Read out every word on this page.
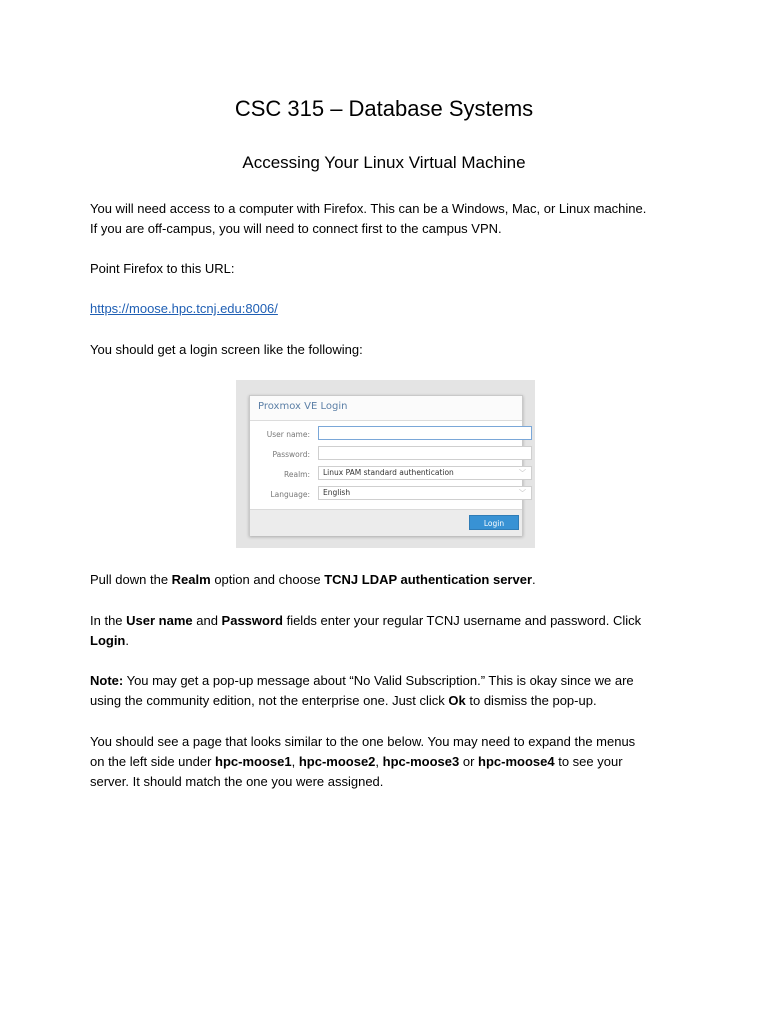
CSC 315 – Database Systems
Accessing Your Linux Virtual Machine
You will need access to a computer with Firefox. This can be a Windows, Mac, or Linux machine.
If you are off-campus, you will need to connect first to the campus VPN.
Point Firefox to this URL:
https://moose.hpc.tcnj.edu:8006/
You should get a login screen like the following:
Proxmox VE Login
User name:
Password:
Realm:	Linux PAM standard authentication	﹀
Language:	English	﹀
Login
Pull down the Realm option and choose TCNJ LDAP authentication server.
In the User name and Password fields enter your regular TCNJ username and password. Click
Login.
Note: You may get a pop-up message about “No Valid Subscription.” This is okay since we are
using the community edition, not the enterprise one. Just click Ok to dismiss the pop-up.
You should see a page that looks similar to the one below. You may need to expand the menus
on the left side under hpc-moose1, hpc-moose2, hpc-moose3 or hpc-moose4 to see your
server. It should match the one you were assigned.
